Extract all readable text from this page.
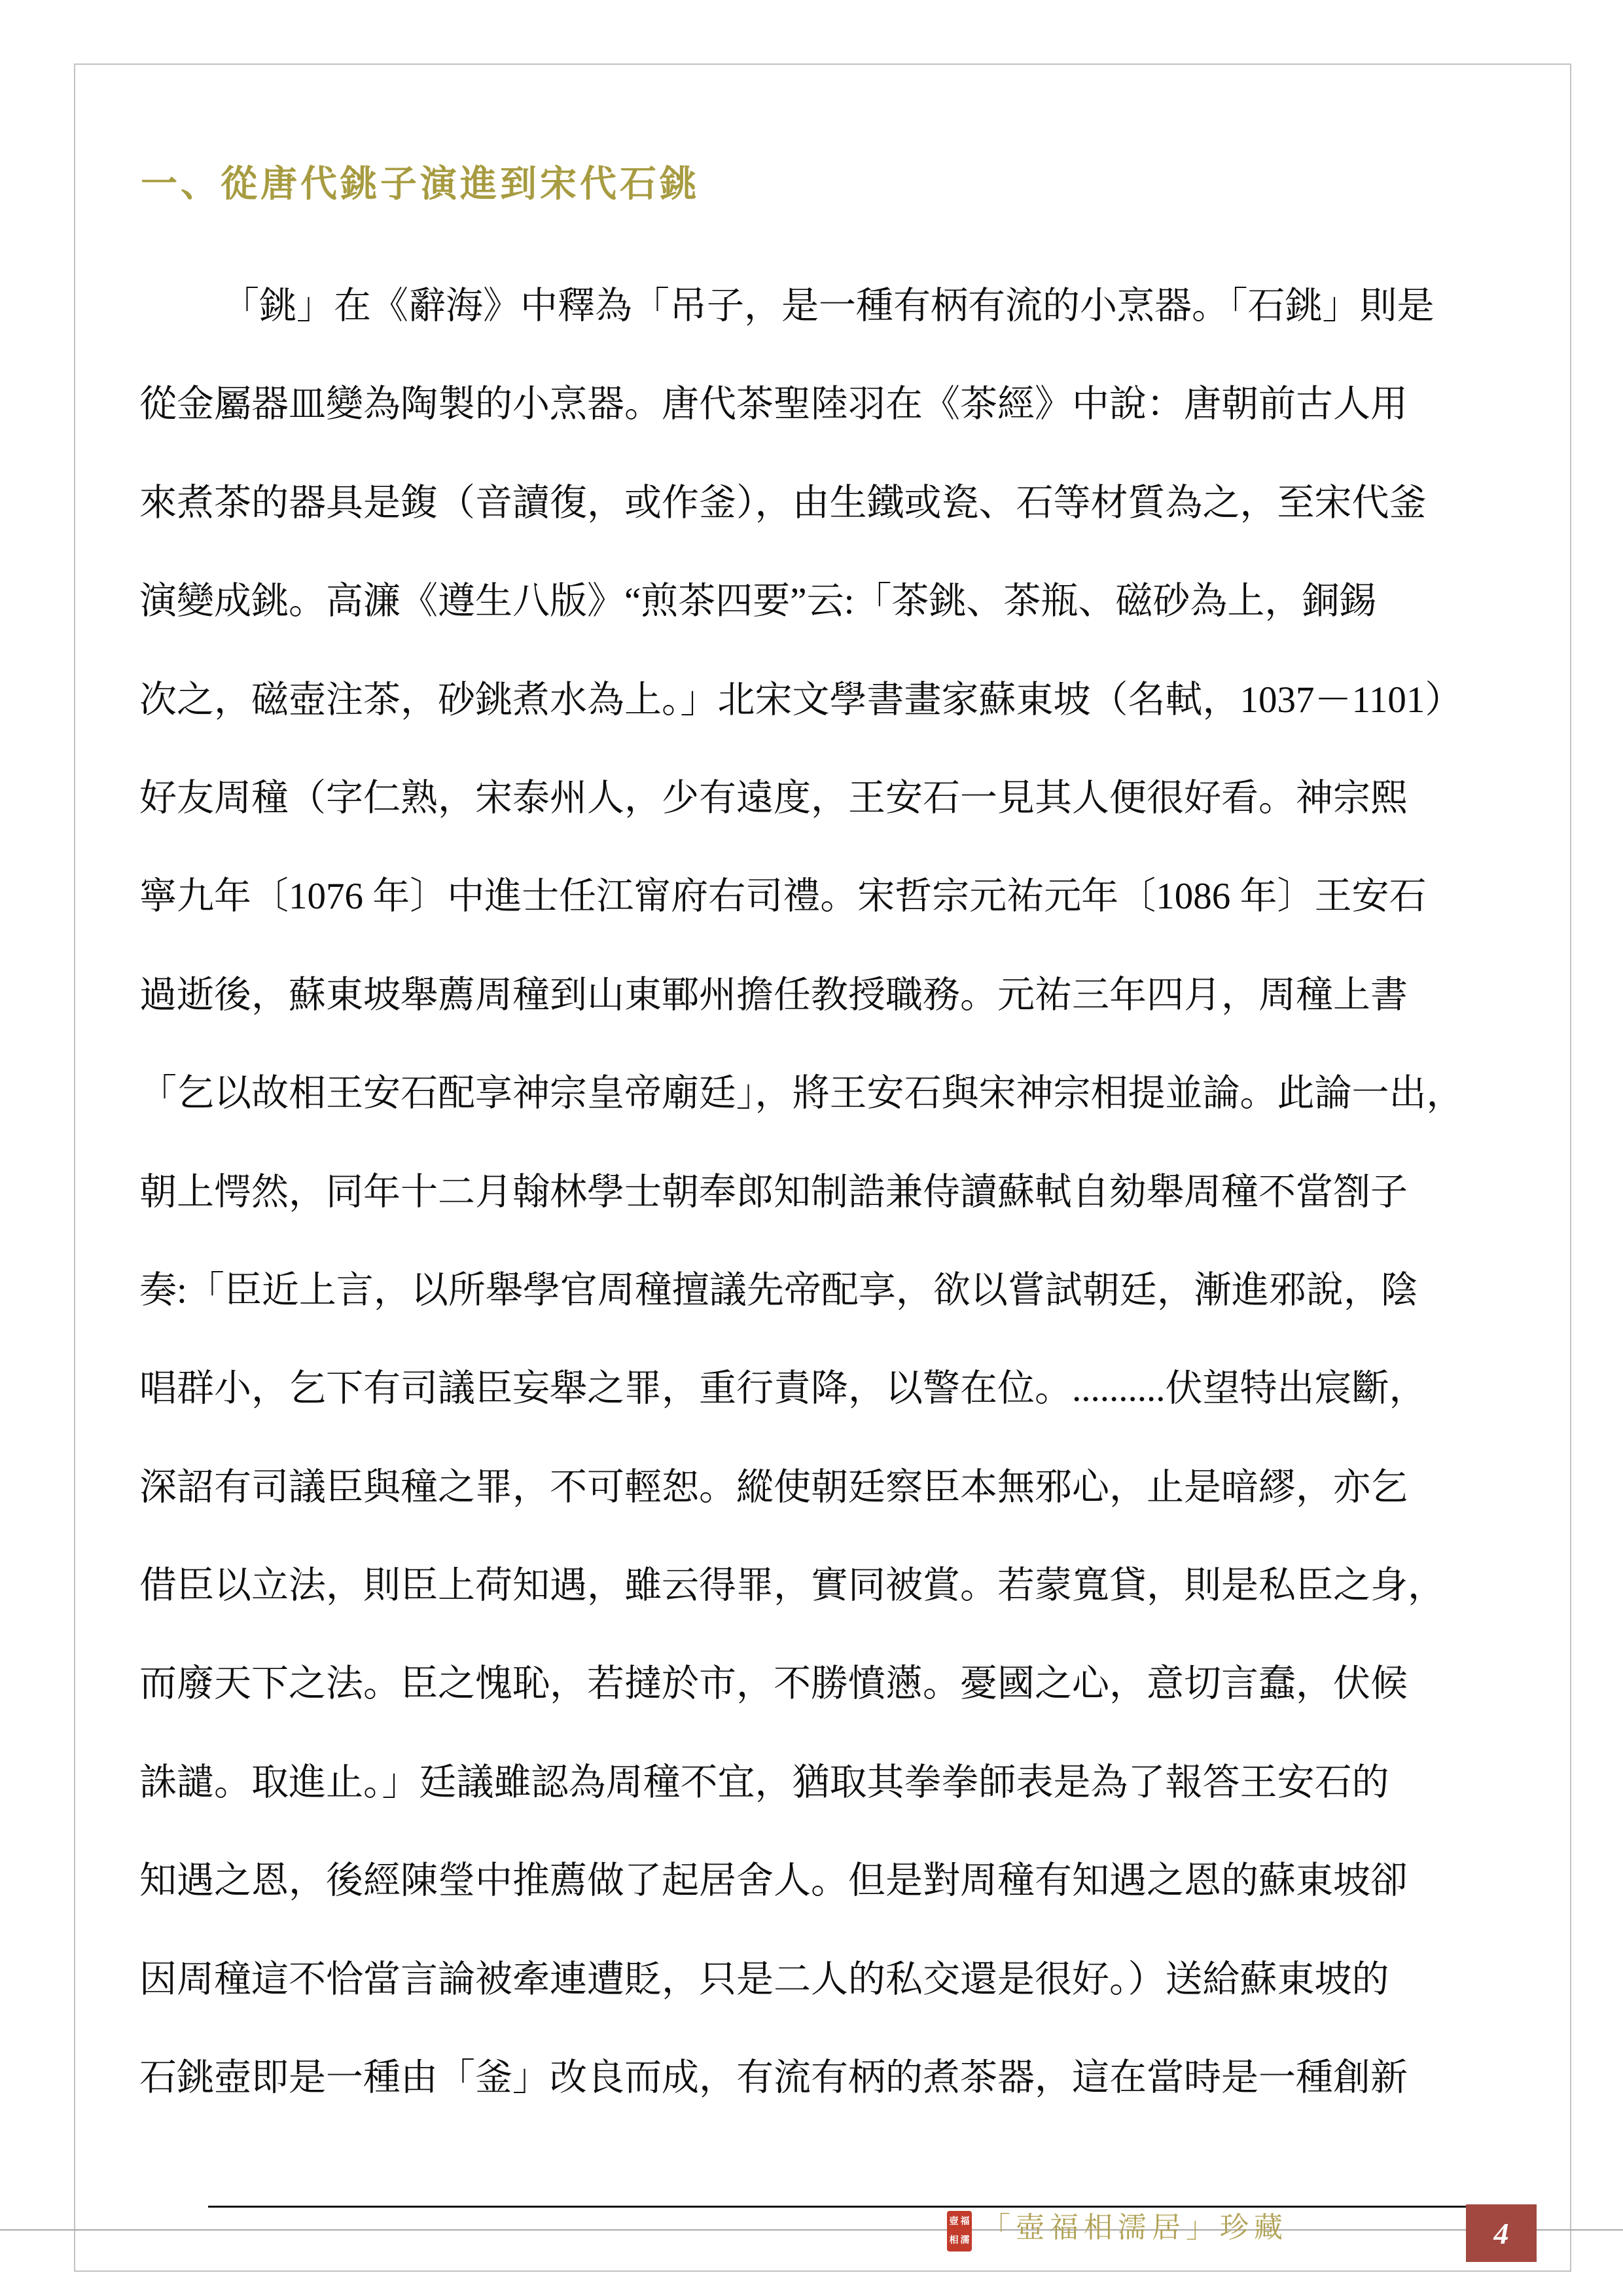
一、從唐代銚子演進到宋代石銚
「銚」在《辭海》中釋為「吊子，是一種有柄有流的小烹器。「石銚」則是
從金屬器皿變為陶製的小烹器。唐代茶聖陸羽在《茶經》中說：唐朝前古人用
來煮茶的器具是鍑（音讀復，或作釜），由生鐵或瓷、石等材質為之，至宋代釜
演變成銚。高濂《遵生八版》“煎茶四要”云:「茶銚、茶瓶、磁砂為上，銅錫
次之，磁壺注茶，砂銚煮水為上。」北宋文學書畫家蘇東坡（名軾，1037－1101）
好友周穜（字仁熟，宋泰州人，少有遠度，王安石一見其人便很好看。神宗熙
寧九年〔1076 年〕中進士任江甯府右司禮。宋哲宗元祐元年〔1086 年〕王安石
過逝後，蘇東坡舉薦周穜到山東鄆州擔任教授職務。元祐三年四月，周穜上書
「乞以故相王安石配享神宗皇帝廟廷」，將王安石與宋神宗相提並論。此論一出，
朝上愕然，同年十二月翰林學士朝奉郎知制誥兼侍讀蘇軾自劾舉周穜不當劄子
奏:「臣近上言，以所舉學官周穜擅議先帝配享，欲以嘗試朝廷，漸進邪說，陰
唱群小，乞下有司議臣妄舉之罪，重行責降，以警在位。..........伏望特出宸斷，
深詔有司議臣與穜之罪，不可輕恕。縱使朝廷察臣本無邪心，止是暗繆，亦乞
借臣以立法，則臣上荷知遇，雖云得罪，實同被賞。若蒙寬貸，則是私臣之身，
而廢天下之法。臣之愧恥，若撻於市，不勝憤懣。憂國之心，意切言蠢，伏候
誅譴。取進止。」廷議雖認為周穜不宜，猶取其拳拳師表是為了報答王安石的
知遇之恩，後經陳瑩中推薦做了起居舍人。但是對周穜有知遇之恩的蘇東坡卻
因周穜這不恰當言論被牽連遭貶，只是二人的私交還是很好。）送給蘇東坡的
石銚壺即是一種由「釜」改良而成，有流有柄的煮茶器，這在當時是一種創新
壺 福
相 濡 「壺福相濡居」珍藏	4
